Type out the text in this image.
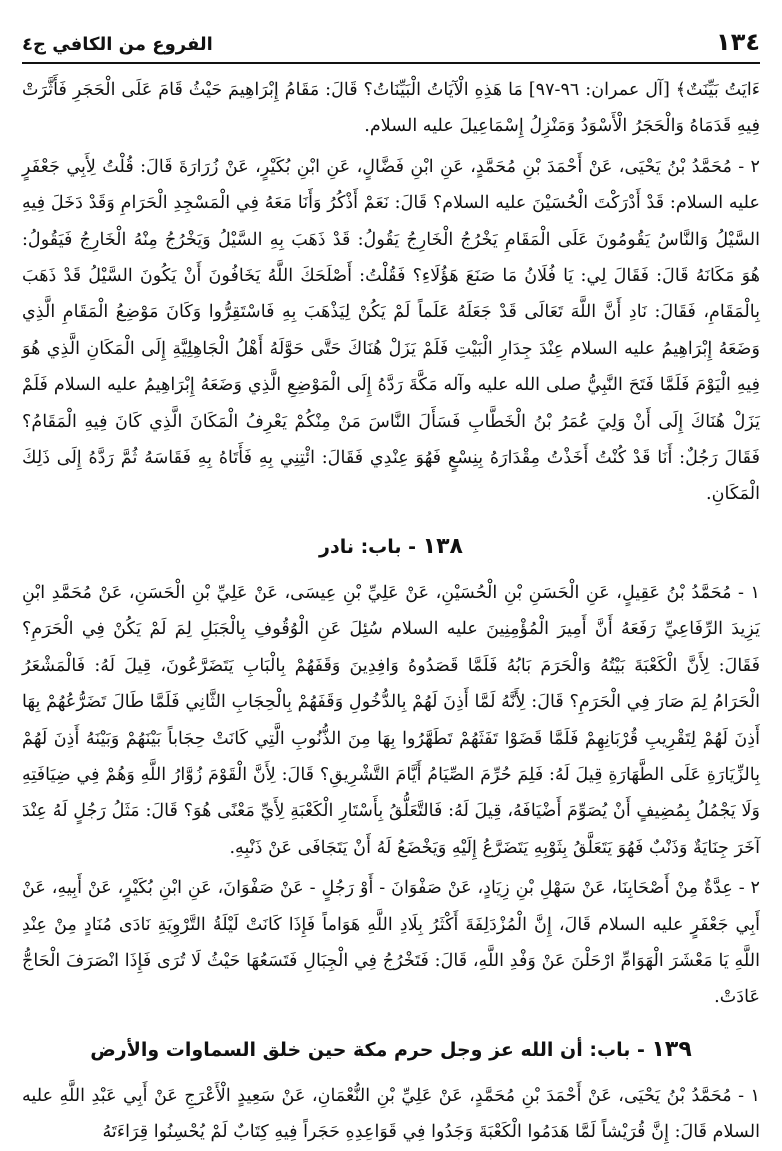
١٣٤
الفروع من الكافي ج٤

ءَايَتُ بَيِّنَتٌ﴾ [آل عمران: ٩٦-٩٧] مَا هَذِهِ الْآيَاتُ الْبَيِّنَاتُ؟ قَالَ: مَقَامُ إِبْرَاهِيمَ حَيْثُ قَامَ عَلَى الْحَجَرِ فَأَثَّرَتْ فِيهِ قَدَمَاهُ وَالْحَجَرُ الْأَسْوَدُ وَمَنْزِلُ إِسْمَاعِيلَ عليه السلام.

٢ - مُحَمَّدُ بْنُ يَحْيَى، عَنْ أَحْمَدَ بْنِ مُحَمَّدٍ، عَنِ ابْنِ فَضَّالٍ، عَنِ ابْنِ بُكَيْرٍ، عَنْ زُرَارَةَ قَالَ: قُلْتُ لِأَبِي جَعْفَرٍ عليه السلام: قَدْ أَدْرَكْتَ الْحُسَيْنَ عليه السلام؟ قَالَ: نَعَمْ أَذْكُرُ وَأَنَا مَعَهُ فِي الْمَسْجِدِ الْحَرَامِ وَقَدْ دَخَلَ فِيهِ السَّيْلُ وَالنَّاسُ يَقُومُونَ عَلَى الْمَقَامِ يَخْرُجُ الْخَارِجُ يَقُولُ: قَدْ ذَهَبَ بِهِ السَّيْلُ وَيَخْرُجُ مِنْهُ الْخَارِجُ فَيَقُولُ: هُوَ مَكَانَهُ قَالَ: فَقَالَ لِي: يَا فُلَانُ مَا صَنَعَ هَؤُلَاءِ؟ فَقُلْتُ: أَصْلَحَكَ اللَّهُ يَخَافُونَ أَنْ يَكُونَ السَّيْلُ قَدْ ذَهَبَ بِالْمَقَامِ، فَقَالَ: نَادِ أَنَّ اللَّهَ تَعَالَى قَدْ جَعَلَهُ عَلَماً لَمْ يَكُنْ لِيَذْهَبَ بِهِ فَاسْتَقِرُّوا وَكَانَ مَوْضِعُ الْمَقَامِ الَّذِي وَضَعَهُ إِبْرَاهِيمُ عليه السلام عِنْدَ جِدَارِ الْبَيْتِ فَلَمْ يَزَلْ هُنَاكَ حَتَّى حَوَّلَهُ أَهْلُ الْجَاهِلِيَّةِ إِلَى الْمَكَانِ الَّذِي هُوَ فِيهِ الْيَوْمَ فَلَمَّا فَتَحَ النَّبِيُّ صلى الله عليه وآله مَكَّةَ رَدَّهُ إِلَى الْمَوْضِعِ الَّذِي وَضَعَهُ إِبْرَاهِيمُ عليه السلام فَلَمْ يَزَلْ هُنَاكَ إِلَى أَنْ وَلِيَ عُمَرُ بْنُ الْخَطَّابِ فَسَأَلَ النَّاسَ مَنْ مِنْكُمْ يَعْرِفُ الْمَكَانَ الَّذِي كَانَ فِيهِ الْمَقَامُ؟ فَقَالَ رَجُلٌ: أَنَا قَدْ كُنْتُ أَخَذْتُ مِقْدَارَهُ بِنِسْعٍ فَهُوَ عِنْدِي فَقَالَ: ائْتِنِي بِهِ فَأَتَاهُ بِهِ فَقَاسَهُ ثُمَّ رَدَّهُ إِلَى ذَلِكَ الْمَكَانِ.

١٣٨ - باب: نادر

١ - مُحَمَّدُ بْنُ عَقِيلٍ، عَنِ الْحَسَنِ بْنِ الْحُسَيْنِ، عَنْ عَلِيِّ بْنِ عِيسَى، عَنْ عَلِيِّ بْنِ الْحَسَنِ، عَنْ مُحَمَّدِ ابْنِ يَزِيدَ الرِّفَاعِيِّ رَفَعَهُ أَنَّ أَمِيرَ الْمُؤْمِنِينَ عليه السلام سُئِلَ عَنِ الْوُقُوفِ بِالْجَبَلِ لِمَ لَمْ يَكُنْ فِي الْحَرَمِ؟ فَقَالَ: لِأَنَّ الْكَعْبَةَ بَيْتُهُ وَالْحَرَمَ بَابُهُ فَلَمَّا قَصَدُوهُ وَافِدِينَ وَقَفَهُمْ بِالْبَابِ يَتَضَرَّعُونَ، قِيلَ لَهُ: فَالْمَشْعَرُ الْحَرَامُ لِمَ صَارَ فِي الْحَرَمِ؟ قَالَ: لِأَنَّهُ لَمَّا أَذِنَ لَهُمْ بِالدُّخُولِ وَقَفَهُمْ بِالْحِجَابِ الثَّانِي فَلَمَّا طَالَ تَضَرُّعُهُمْ بِهَا أَذِنَ لَهُمْ لِتَقْرِيبِ قُرْبَانِهِمْ فَلَمَّا قَضَوْا تَفَثَهُمْ تَطَهَّرُوا بِهَا مِنَ الذُّنُوبِ الَّتِي كَانَتْ حِجَاباً بَيْنَهُمْ وَبَيْنَهُ أَذِنَ لَهُمْ بِالزِّيَارَةِ عَلَى الطَّهَارَةِ قِيلَ لَهُ: فَلِمَ حُرِّمَ الصِّيَامُ أَيَّامَ التَّشْرِيقِ؟ قَالَ: لِأَنَّ الْقَوْمَ زُوَّارُ اللَّهِ وَهُمْ فِي ضِيَافَتِهِ وَلَا يَجْمُلُ بِمُضِيفٍ أَنْ يُصَوِّمَ أَضْيَافَهُ، قِيلَ لَهُ: فَالتَّعَلُّقُ بِأَسْتَارِ الْكَعْبَةِ لِأَيِّ مَعْنًى هُوَ؟ قَالَ: مَثَلُ رَجُلٍ لَهُ عِنْدَ آخَرَ جِنَايَةٌ وَذَنْبٌ فَهُوَ يَتَعَلَّقُ بِثَوْبِهِ يَتَضَرَّعُ إِلَيْهِ وَيَخْضَعُ لَهُ أَنْ يَتَجَافَى عَنْ ذَنْبِهِ.

٢ - عِدَّةٌ مِنْ أَصْحَابِنَا، عَنْ سَهْلِ بْنِ زِيَادٍ، عَنْ صَفْوَانَ - أَوْ رَجُلٍ - عَنْ صَفْوَانَ، عَنِ ابْنِ بُكَيْرٍ، عَنْ أَبِيهِ، عَنْ أَبِي جَعْفَرٍ عليه السلام قَالَ، إِنَّ الْمُزْدَلِفَةَ أَكْثَرُ بِلَادِ اللَّهِ هَوَاماً فَإِذَا كَانَتْ لَيْلَةُ التَّرْوِيَةِ نَادَى مُنَادٍ مِنْ عِنْدِ اللَّهِ يَا مَعْشَرَ الْهَوَامِّ ارْحَلْنَ عَنْ وَفْدِ اللَّهِ، قَالَ: فَتَخْرُجُ فِي الْجِبَالِ فَتَسَعُهَا حَيْثُ لَا تُرَى فَإِذَا انْصَرَفَ الْحَاجُّ عَادَتْ.

١٣٩ - باب: أن الله عز وجل حرم مكة حين خلق السماوات والأرض

١ - مُحَمَّدُ بْنُ يَحْيَى، عَنْ أَحْمَدَ بْنِ مُحَمَّدٍ، عَنْ عَلِيِّ بْنِ النُّعْمَانِ، عَنْ سَعِيدٍ الْأَعْرَجِ عَنْ أَبِي عَبْدِ اللَّهِ عليه السلام قَالَ: إِنَّ قُرَيْشاً لَمَّا هَدَمُوا الْكَعْبَةَ وَجَدُوا فِي قَوَاعِدِهِ حَجَراً فِيهِ كِتَابٌ لَمْ يُحْسِنُوا قِرَاءَتَهُ
